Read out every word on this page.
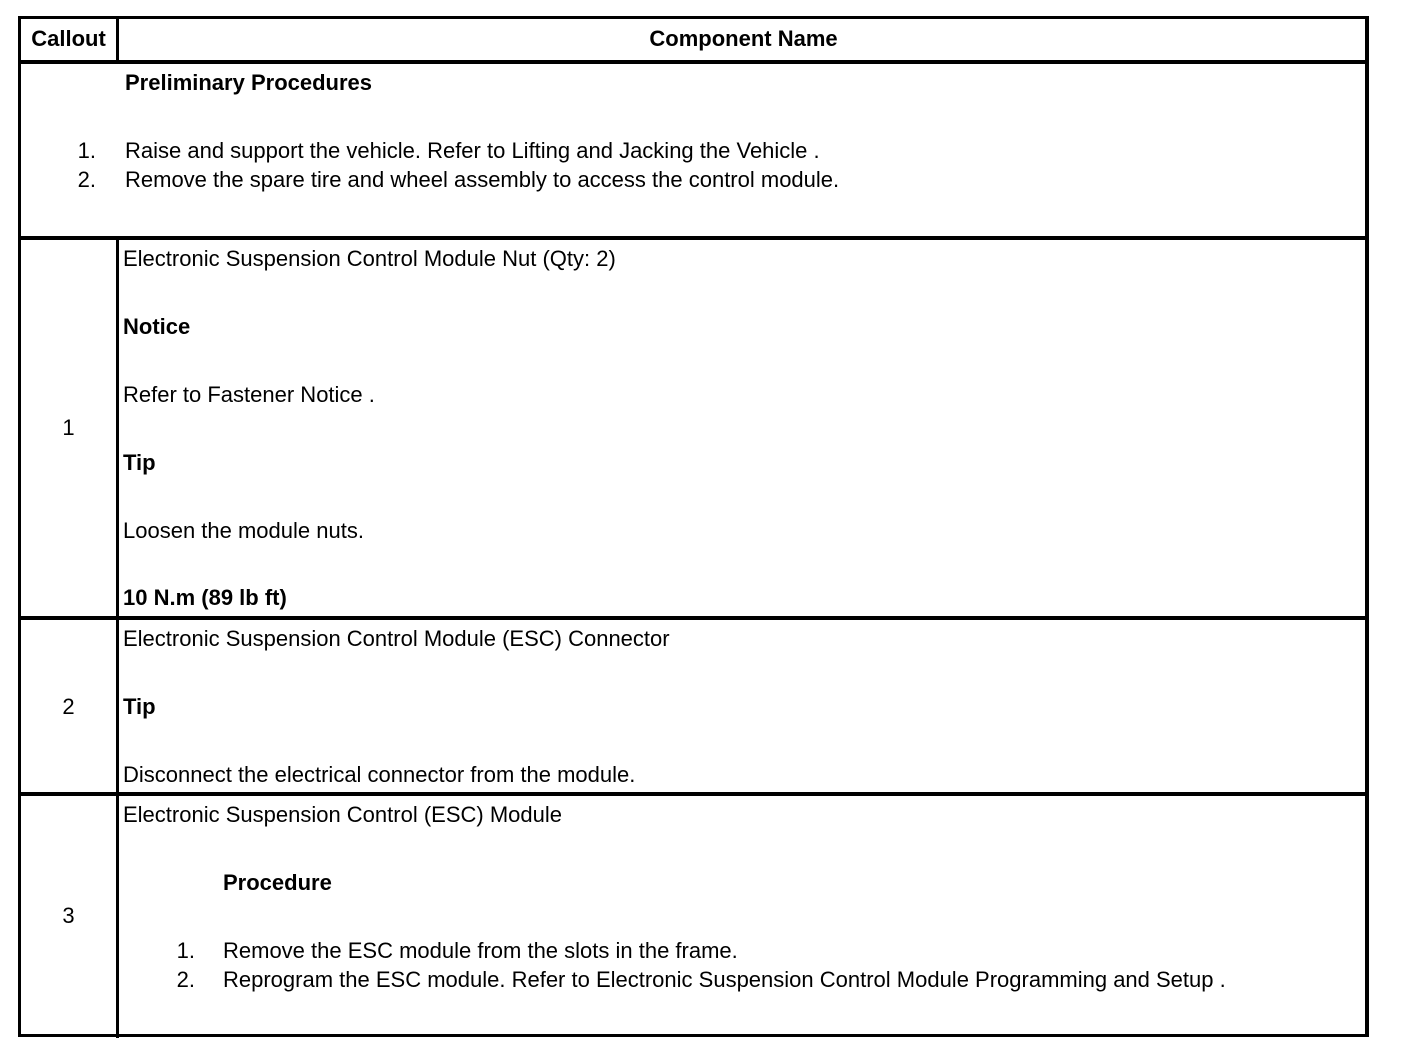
Callout	Component Name
Preliminary Procedures
1. Raise and support the vehicle. Refer to Lifting and Jacking the Vehicle .
2. Remove the spare tire and wheel assembly to access the control module.
1
Electronic Suspension Control Module Nut (Qty: 2)
Notice
Refer to Fastener Notice .
Tip
Loosen the module nuts.
10 N.m (89 lb ft)
2
Electronic Suspension Control Module (ESC) Connector
Tip
Disconnect the electrical connector from the module.
3
Electronic Suspension Control (ESC) Module
Procedure
1. Remove the ESC module from the slots in the frame.
2. Reprogram the ESC module. Refer to Electronic Suspension Control Module Programming and Setup .
